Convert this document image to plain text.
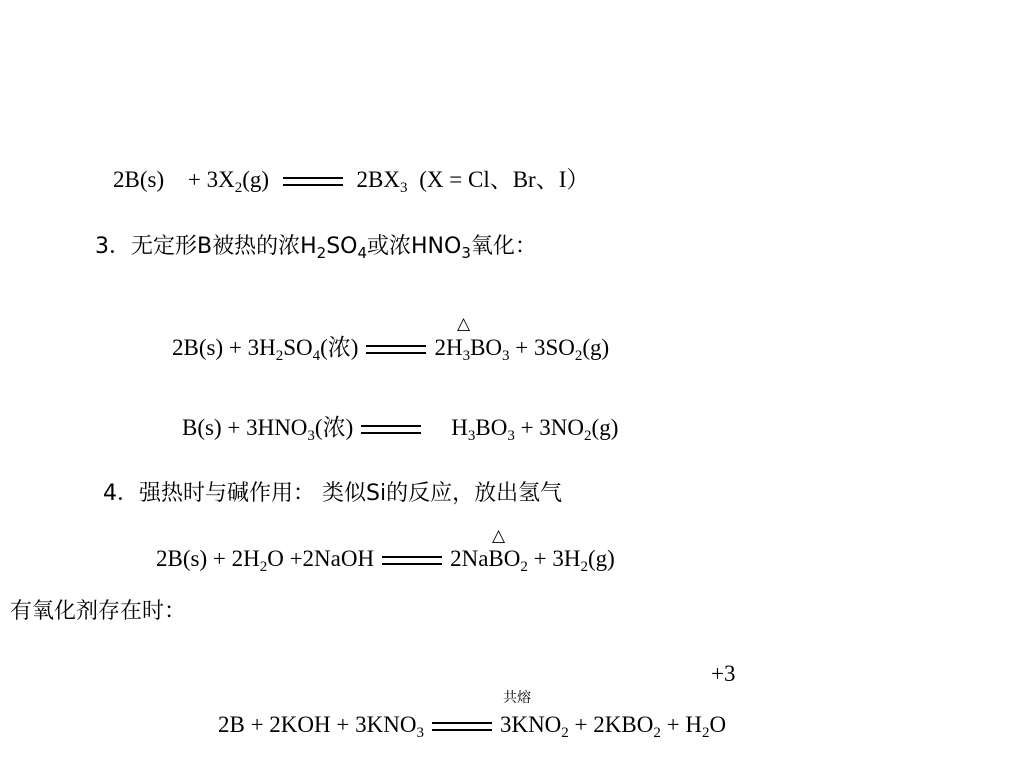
$2B(s) + 3X_2(g)$	$2BX_3$ (X = Cl、Br、I）
3．无定形B被热的浓$H_2SO_4$或浓$HNO_3$氧化：
△
$2B(s) + 3H_2SO_4$(浓)	$2H_3BO_3 + 3SO_2(g)$
$B(s) + 3HNO_3$(浓)	$H_3BO_3 + 3NO_2(g)$
4．强热时与碱作用： 类似Si的反应，放出氢气
△
$2B(s) + 2H_2O$ +2NaOH	2NaBO$_2$ + $3H_2(g)$
有氧化剂存在时：
+3
共熔
$2B + 2KOH + 3KNO_3$	$3KNO_2 + 2KBO_2 + H_2O$
